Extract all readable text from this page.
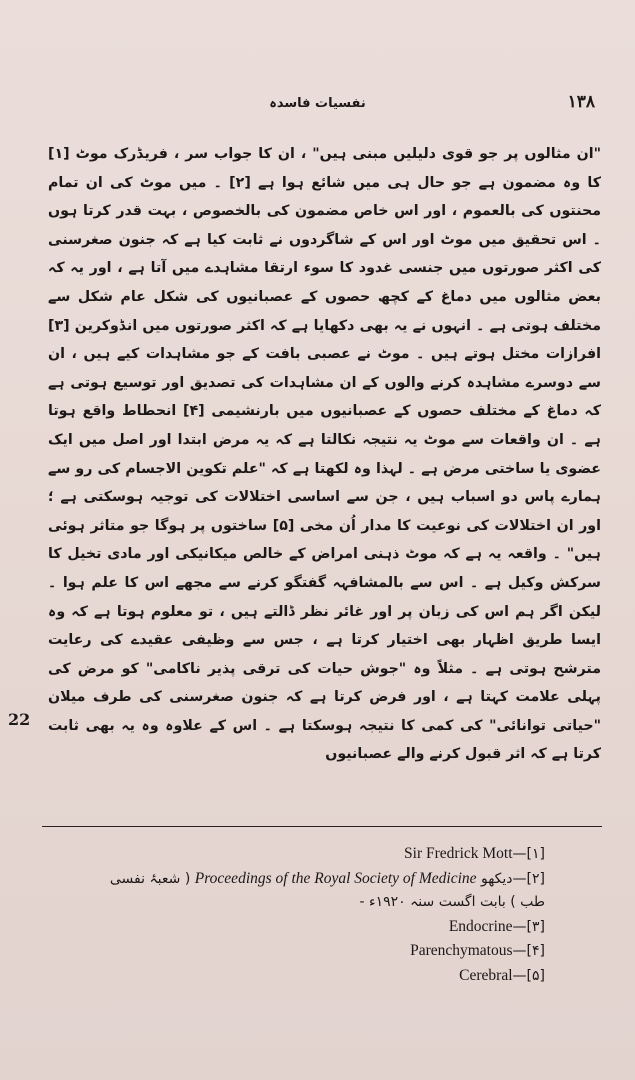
۱۳۸
نفسیات فاسدہ

"ان مثالوں پر جو قوی دلیلیں مبنی ہیں" ، ان کا جواب سر ، فریڈرک موٹ [۱] کا وہ مضمون ہے جو حال ہی میں شائع ہوا ہے [۲] ۔ میں موٹ کی ان تمام محنتوں کی بالعموم ، اور اس خاص مضمون کی بالخصوص ، بہت قدر کرتا ہوں ۔ اس تحقیق میں موٹ اور اس کے شاگردوں نے ثابت کیا ہے کہ جنون صغرسنی کی اکثر صورتوں میں جنسی غدود کا سوء ارتقا مشاہدے میں آتا ہے ، اور یہ کہ بعض مثالوں میں دماغ کے کچھ حصوں کے عصبانیوں کی شکل عام شکل سے مختلف ہوتی ہے ۔ انہوں نے یہ بھی دکھایا ہے کہ اکثر صورتوں میں انڈوکرین [۳] افرازات مختل ہوتے ہیں ۔ موٹ نے عصبی بافت کے جو مشاہدات کیے ہیں ، ان سے دوسرے مشاہدہ کرنے والوں کے ان مشاہدات کی تصدیق اور توسیع ہوتی ہے کہ دماغ کے مختلف حصوں کے عصبانیوں میں بارنشیمی [۴] انحطاط واقع ہوتا ہے ۔ ان واقعات سے موٹ یہ نتیجہ نکالتا ہے کہ یہ مرض ابتدا اور اصل میں ایک عضوی یا ساختی مرض ہے ۔ لہذا وہ لکھتا ہے کہ "علم تکوین الاجسام کی رو سے ہمارے پاس دو اسباب ہیں ، جن سے اساسی اختلالات کی توجیہ ہوسکتی ہے ؛ اور ان اختلالات کی نوعیت کا مدار اُن مخی [۵] ساختوں پر ہوگا جو متاثر ہوئی ہیں" ۔ واقعہ یہ ہے کہ موٹ ذہنی امراض کے خالص میکانیکی اور مادی تخیل کا سرکش وکیل ہے ۔ اس سے بالمشافہہ گفتگو کرنے سے مجھے اس کا علم ہوا ۔ لیکن اگر ہم اس کی زبان پر اور غائر نظر ڈالتے ہیں ، تو معلوم ہوتا ہے کہ وہ ایسا طریق اظہار بھی اختیار کرتا ہے ، جس سے وظیفی عقیدے کی رعایت مترشح ہوتی ہے ۔ مثلاً وہ "جوش حیات کی ترقی پذیر ناکامی" کو مرض کی پہلی علامت کہتا ہے ، اور فرض کرتا ہے کہ جنون صغرسنی کی طرف میلان "حیاتی توانائی" کی کمی کا نتیجہ ہوسکتا ہے ۔ اس کے علاوہ وہ یہ بھی ثابت کرتا ہے کہ اثر قبول کرنے والے عصبانیوں

22
[۱]—Sir Fredrick Mott
[۲]—دیکھو Proceedings of the Royal Society of Medicine ( شعبۂ نفسی
طب ) بابت اگست سنہ ۱۹۲۰ء -
[۳]—Endocrine
[۴]—Parenchymatous
[۵]—Cerebral
